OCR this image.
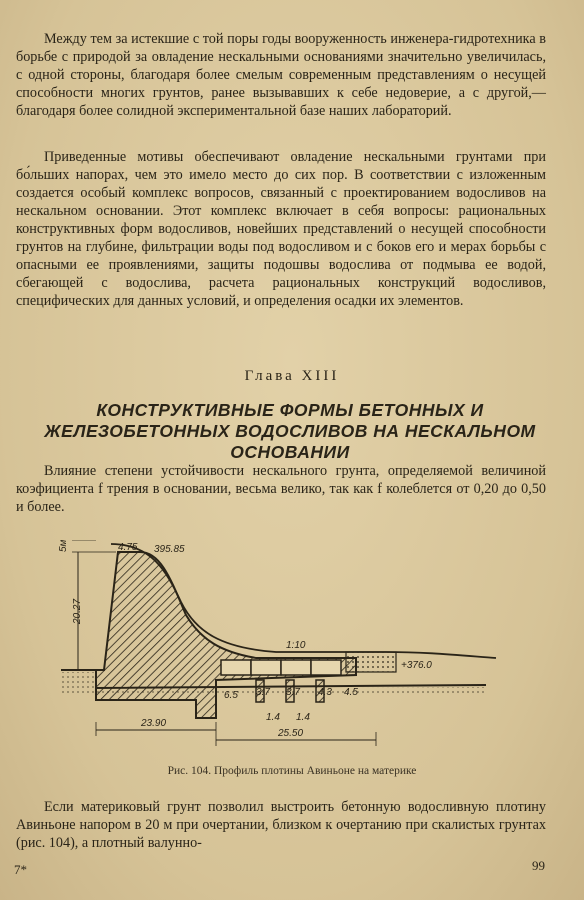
Между тем за истекшие с той поры годы вооруженность инженера-гидротехника в борьбе с природой за овладение нескальными основаниями значительно увеличилась, с одной стороны, благодаря более смелым современным представлениям о несущей способности многих грунтов, ранее вызывавших к себе недоверие, а с другой,— благодаря более солидной экспериментальной базе наших лабораторий.

Приведенные мотивы обеспечивают овладение нескальными грунтами при бо́льших напорах, чем это имело место до сих пор. В соответствии с изложенным создается особый комплекс вопросов, связанный с проектированием водосливов на нескальном основании. Этот комплекс включает в себя вопросы: рациональных конструктивных форм водосливов, новейших представлений о несущей способности грунтов на глубине, фильтрации воды под водосливом и с боков его и мерах борьбы с опасными ее проявлениями, защиты подошвы водослива от подмыва ее водой, сбегающей с водослива, расчета рациональных конструкций водосливов, специфических для данных условий, и определения осадки их элементов.

Глава XIII
КОНСТРУКТИВНЫЕ ФОРМЫ БЕТОННЫХ И ЖЕЛЕЗОБЕТОННЫХ ВОДОСЛИВОВ НА НЕСКАЛЬНОМ ОСНОВАНИИ

Влияние степени устойчивости нескального грунта, определяемой величиной коэфициента f трения в основании, весьма велико, так как f колеблется от 0,20 до 0,50 и более.

5м	4.75 395.85
20.27
1:10
+376.0
6.5 3.7 3.7 4.3 4.5
1.4 1.4
23.90
25.50
Рис. 104. Профиль плотины Авиньоне на материке

Если материковый грунт позволил выстроить бетонную водосливную плотину Авиньоне напором в 20 м при очертании, близком к очертанию при скалистых грунтах (рис. 104), а плотный валунно-

7*	99
